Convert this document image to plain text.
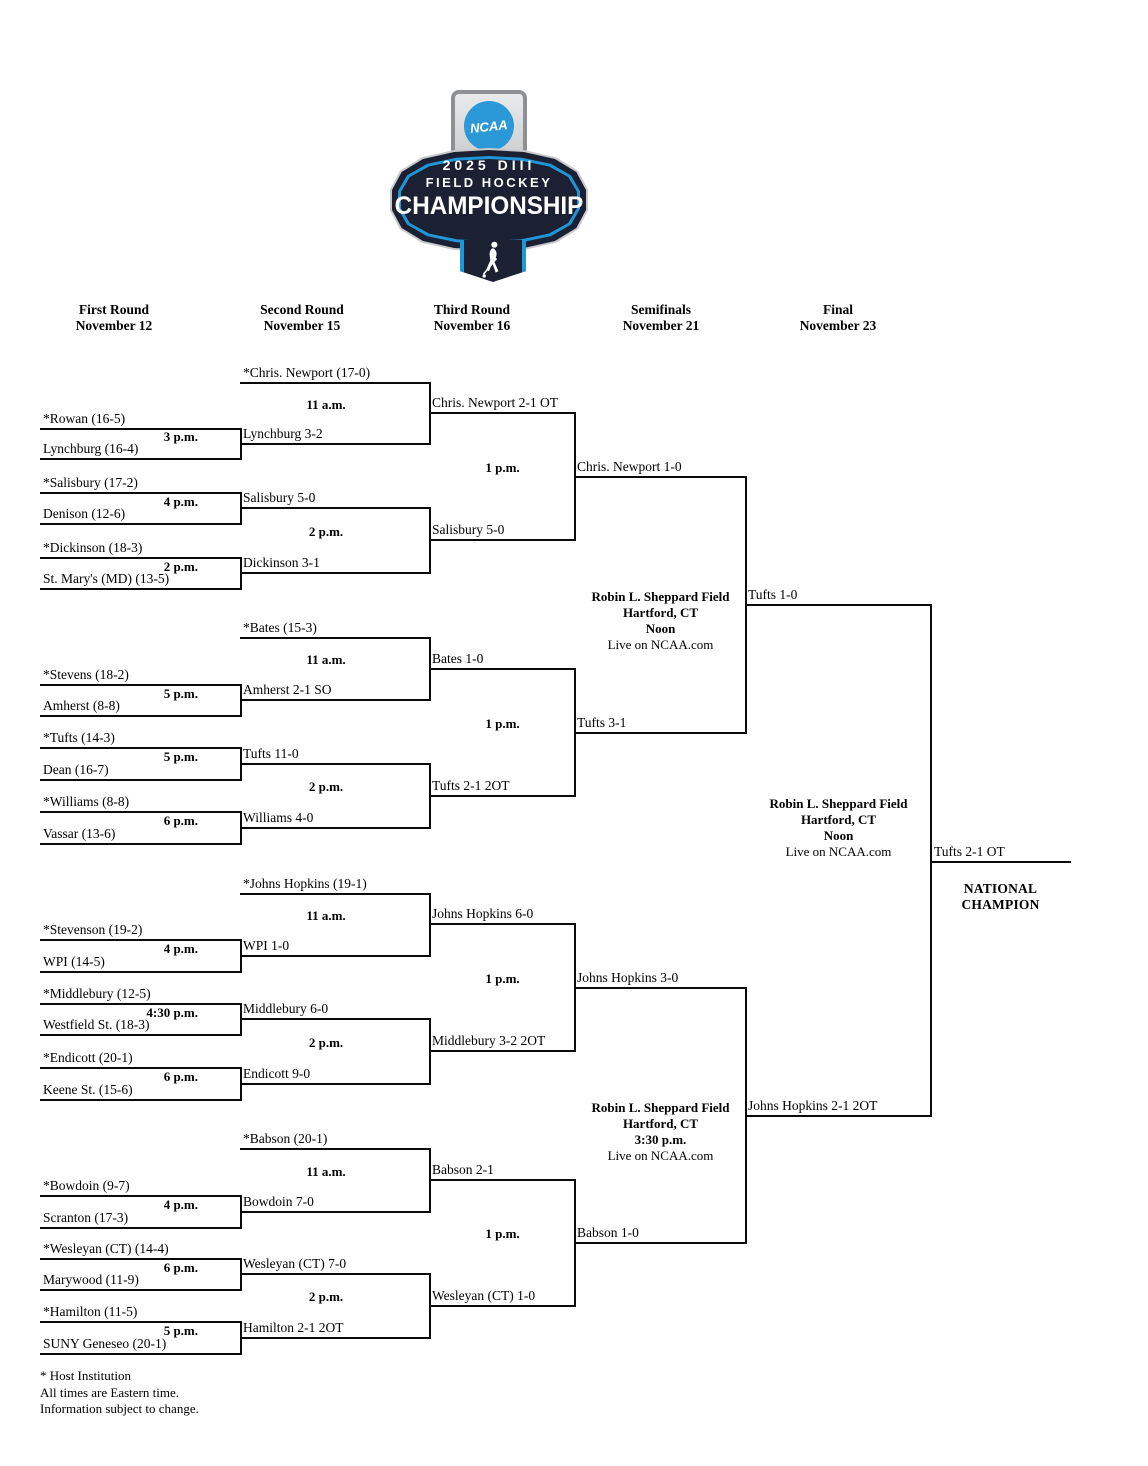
NCAA
2025 DIII
FIELD HOCKEY
CHAMPIONSHIP
First Round
November 12
Second Round
November 15
Third Round
November 16
Semifinals
November 21
Final
November 23
*Rowan (16-5)
Lynchburg (16-4)
3 p.m.
*Salisbury (17-2)
Denison (12-6)
4 p.m.
*Dickinson (18-3)
St. Mary's (MD) (13-5)
2 p.m.
*Stevens (18-2)
Amherst (8-8)
5 p.m.
*Tufts (14-3)
Dean (16-7)
5 p.m.
*Williams (8-8)
Vassar (13-6)
6 p.m.
*Stevenson (19-2)
WPI (14-5)
4 p.m.
*Middlebury (12-5)
Westfield St. (18-3)
4:30 p.m.
*Endicott (20-1)
Keene St. (15-6)
6 p.m.
*Bowdoin (9-7)
Scranton (17-3)
4 p.m.
*Wesleyan (CT) (14-4)
Marywood (11-9)
6 p.m.
*Hamilton (11-5)
SUNY Geneseo (20-1)
5 p.m.
*Chris. Newport (17-0)
Lynchburg 3-2
11 a.m.
Salisbury 5-0
Dickinson 3-1
2 p.m.
*Bates (15-3)
Amherst 2-1 SO
11 a.m.
Tufts 11-0
Williams 4-0
2 p.m.
*Johns Hopkins (19-1)
WPI 1-0
11 a.m.
Middlebury 6-0
Endicott 9-0
2 p.m.
*Babson (20-1)
Bowdoin 7-0
11 a.m.
Wesleyan (CT) 7-0
Hamilton 2-1 2OT
2 p.m.
Chris. Newport 2-1 OT
Salisbury 5-0
1 p.m.
Bates 1-0
Tufts 2-1 2OT
1 p.m.
Johns Hopkins 6-0
Middlebury 3-2 2OT
1 p.m.
Babson 2-1
Wesleyan (CT) 1-0
1 p.m.
Chris. Newport 1-0
Tufts 3-1
Johns Hopkins 3-0
Babson 1-0
Tufts 1-0
Johns Hopkins 2-1 2OT
Tufts 2-1 OT
NATIONAL
CHAMPION
Robin L. Sheppard Field
Hartford, CT
Noon
Live on NCAA.com
Robin L. Sheppard Field
Hartford, CT
3:30 p.m.
Live on NCAA.com
Robin L. Sheppard Field
Hartford, CT
Noon
Live on NCAA.com
* Host Institution
All times are Eastern time.
Information subject to change.
